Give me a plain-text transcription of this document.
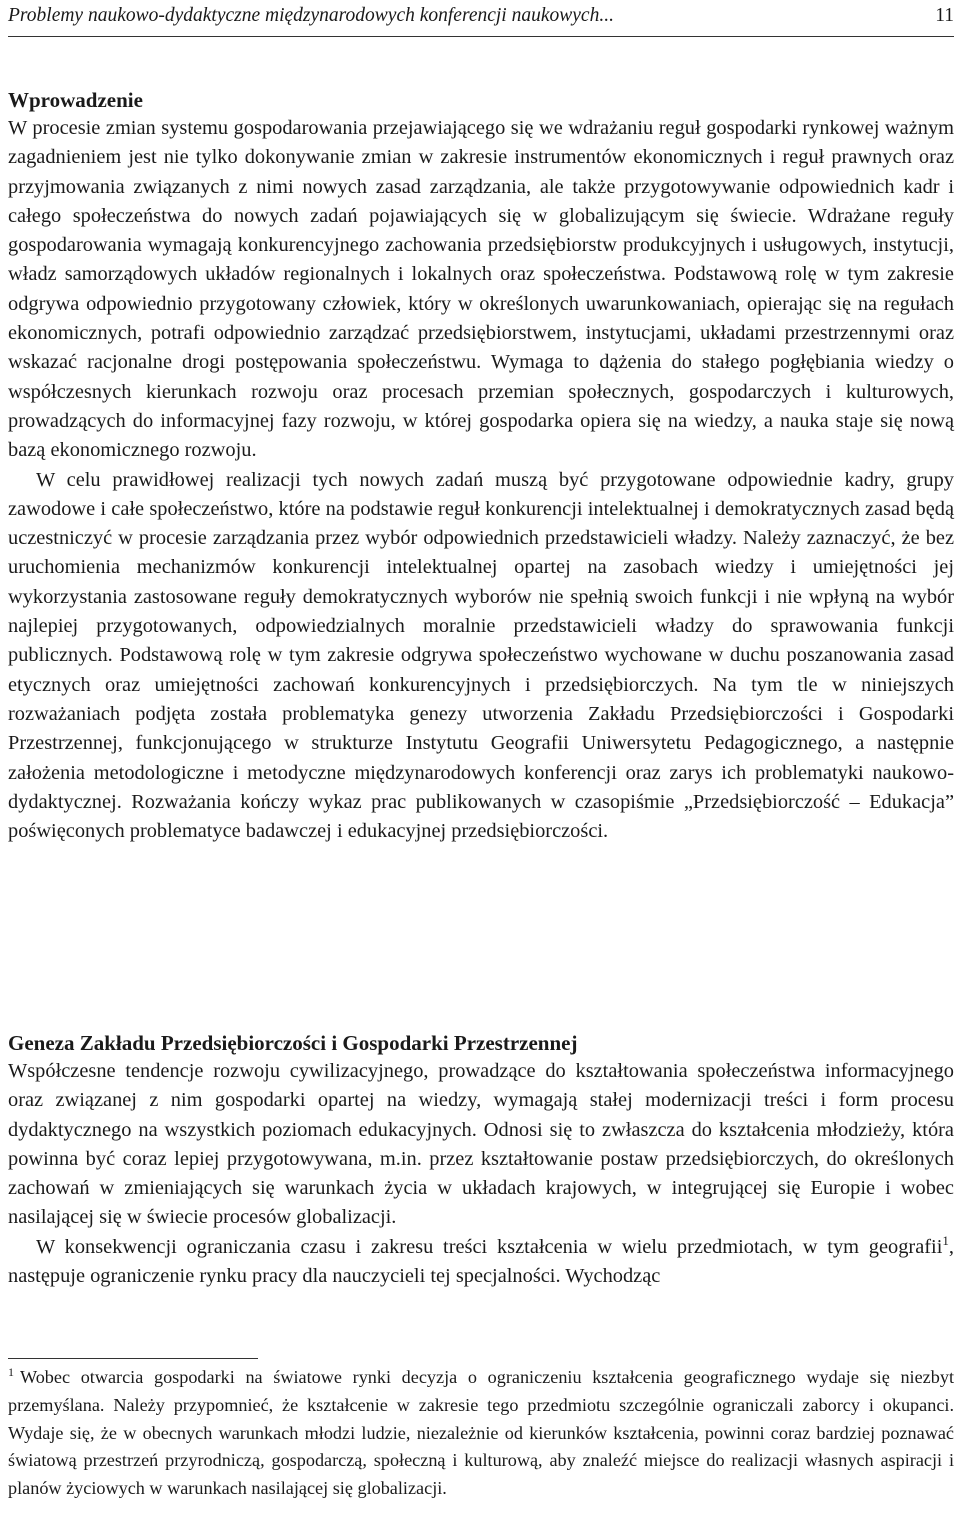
Problemy naukowo-dydaktyczne międzynarodowych konferencji naukowych...	11
Wprowadzenie

W procesie zmian systemu gospodarowania przejawiającego się we wdrażaniu reguł gospodarki rynkowej ważnym zagadnieniem jest nie tylko dokonywanie zmian w zakresie instrumentów ekonomicznych i reguł prawnych oraz przyjmowania związanych z nimi nowych zasad zarządzania, ale także przygotowywanie odpowiednich kadr i całego społeczeństwa do nowych zadań pojawiających się w globalizującym się świecie. Wdrażane reguły gospodarowania wymagają konkurencyjnego zachowania przedsiębiorstw produkcyjnych i usługowych, instytucji, władz samorządowych układów regionalnych i lokalnych oraz społeczeństwa. Podstawową rolę w tym zakresie odgrywa odpowiednio przygotowany człowiek, który w określonych uwarunkowaniach, opierając się na regułach ekonomicznych, potrafi odpowiednio zarządzać przedsiębiorstwem, instytucjami, układami przestrzennymi oraz wskazać racjonalne drogi postępowania społeczeństwu. Wymaga to dążenia do stałego pogłębiania wiedzy o współczesnych kierunkach rozwoju oraz procesach przemian społecznych, gospodarczych i kulturowych, prowadzących do informacyjnej fazy rozwoju, w której gospodarka opiera się na wiedzy, a nauka staje się nową bazą ekonomicznego rozwoju.

W celu prawidłowej realizacji tych nowych zadań muszą być przygotowane odpowiednie kadry, grupy zawodowe i całe społeczeństwo, które na podstawie reguł konkurencji intelektualnej i demokratycznych zasad będą uczestniczyć w procesie zarządzania przez wybór odpowiednich przedstawicieli władzy. Należy zaznaczyć, że bez uruchomienia mechanizmów konkurencji intelektualnej opartej na zasobach wiedzy i umiejętności jej wykorzystania zastosowane reguły demokratycznych wyborów nie spełnią swoich funkcji i nie wpłyną na wybór najlepiej przygotowanych, odpowiedzialnych moralnie przedstawicieli władzy do sprawowania funkcji publicznych. Podstawową rolę w tym zakresie odgrywa społeczeństwo wychowane w duchu poszanowania zasad etycznych oraz umiejętności zachowań konkurencyjnych i przedsiębiorczych. Na tym tle w niniejszych rozważaniach podjęta została problematyka genezy utworzenia Zakładu Przedsiębiorczości i Gospodarki Przestrzennej, funkcjonującego w strukturze Instytutu Geografii Uniwersytetu Pedagogicznego, a następnie założenia metodologiczne i metodyczne międzynarodowych konferencji oraz zarys ich problematyki naukowo-dydaktycznej. Rozważania kończy wykaz prac publikowanych w czasopiśmie „Przedsiębiorczość – Edukacja” poświęconych problematyce badawczej i edukacyjnej przedsiębiorczości.

Geneza Zakładu Przedsiębiorczości i Gospodarki Przestrzennej

Współczesne tendencje rozwoju cywilizacyjnego, prowadzące do kształtowania społeczeństwa informacyjnego oraz związanej z nim gospodarki opartej na wiedzy, wymagają stałej modernizacji treści i form procesu dydaktycznego na wszystkich poziomach edukacyjnych. Odnosi się to zwłaszcza do kształcenia młodzieży, która powinna być coraz lepiej przygotowywana, m.in. przez kształtowanie postaw przedsiębiorczych, do określonych zachowań w zmieniających się warunkach życia w układach krajowych, w integrującej się Europie i wobec nasilającej się w świecie procesów globalizacji.

W konsekwencji ograniczania czasu i zakresu treści kształcenia w wielu przedmiotach, w tym geografii$^1$, następuje ograniczenie rynku pracy dla nauczycieli tej specjalności. Wychodząc

$^1$ Wobec otwarcia gospodarki na światowe rynki decyzja o ograniczeniu kształcenia geograficznego wydaje się niezbyt przemyślana. Należy przypomnieć, że kształcenie w zakresie tego przedmiotu szczególnie ograniczali zaborcy i okupanci. Wydaje się, że w obecnych warunkach młodzi ludzie, niezależnie od kierunków kształcenia, powinni coraz bardziej poznawać światową przestrzeń przyrodniczą, gospodarczą, społeczną i kulturową, aby znaleźć miejsce do realizacji własnych aspiracji i planów życiowych w warunkach nasilającej się globalizacji.
